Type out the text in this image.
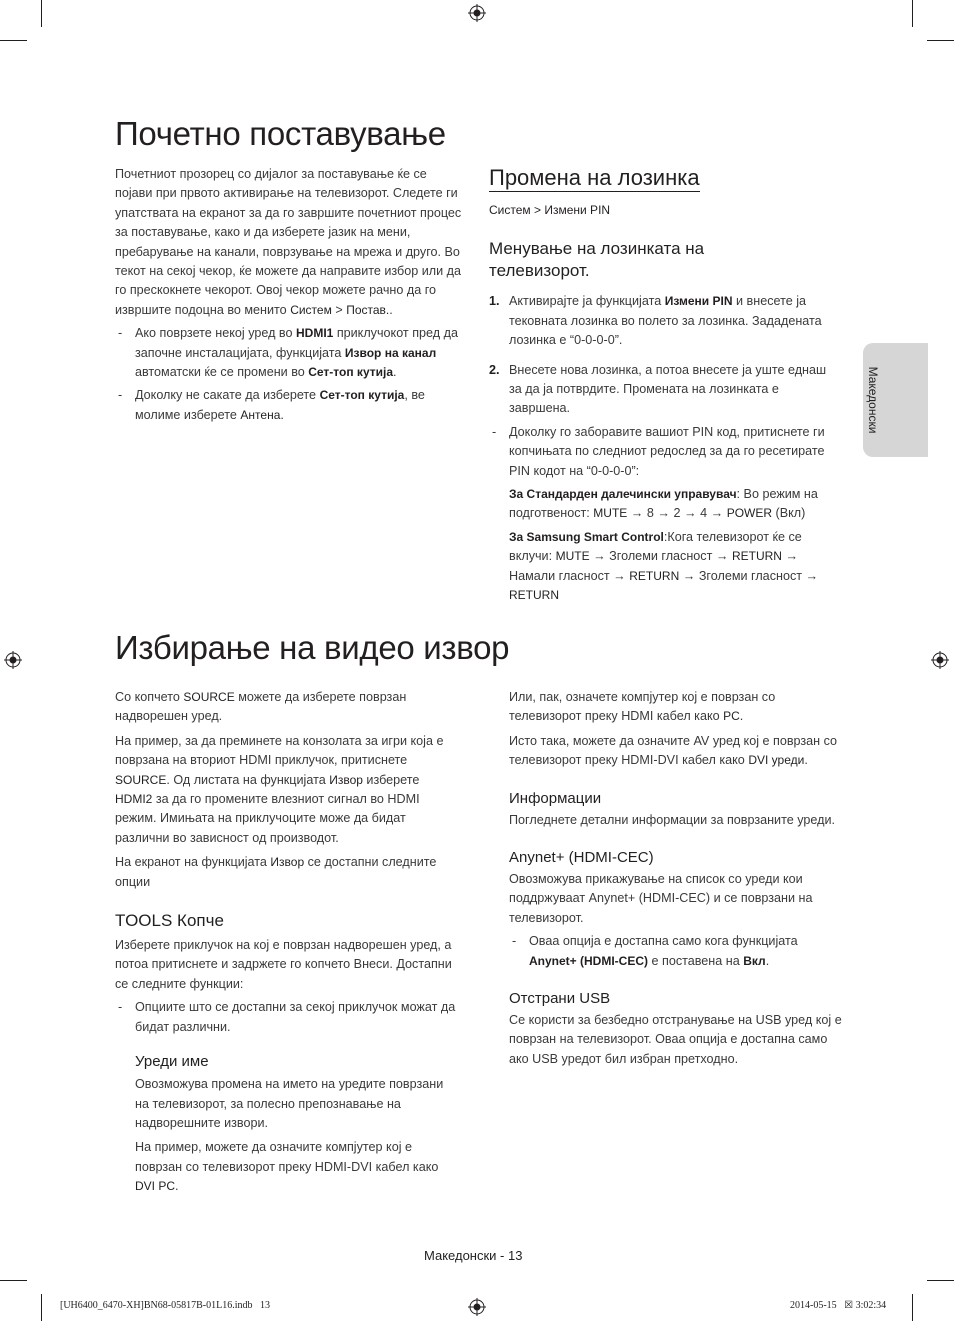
Македонски
Почетно поставување

Почетниот прозорец со дијалог за поставување ќе се појави при првото активирање на телевизорот. Следете ги упатствата на екранот за да го завршите почетниот процес за поставување, како и да изберете јазик на мени, пребарување на канали, поврзување на мрежа и друго. Во текот на секој чекор, ќе можете да направите избор или да го прескокнете чекорот. Овој чекор можете рачно да го извршите подоцна во менито Систем > Постав..

- Ако поврзете некој уред во HDMI1 приклучокот пред да започне инсталацијата, функцијата Извор на канал автоматски ќе се промени во Сет-топ кутија.

- Доколку не сакате да изберете Сет-топ кутија, ве молиме изберете Антена.

Промена на лозинка
Систем > Измени PIN
Менување на лозинката на телевизорот.

1. Активирајте ја функцијата Измени PIN и внесете ја тековната лозинка во полето за лозинка. Зададената лозинка е “0-0-0-0”.

2. Внесете нова лозинка, а потоа внесете ја уште еднаш за да ја потврдите. Промената на лозинката е завршена.

- Доколку го заборавите вашиот PIN код, притиснете ги копчињата по следниот редослед за да го ресетирате PIN кодот на “0-0-0-0”:

За Стандарден далечински управувач: Во режим на подготвеност: MUTE → 8 → 2 → 4 → POWER (Вкл)

За Samsung Smart Control:Кога телевизорот ќе се вклучи: MUTE → Зголеми гласност → RETURN → Намали гласност → RETURN → Зголеми гласност →
RETURN

Избирање на видео извор

Со копчето SOURCE можете да изберете поврзан надворешен уред.

На пример, за да преминете на конзолата за игри која е поврзана на вториот HDMI приклучок, притиснете SOURCE. Од листата на функцијата Извор изберете HDMI2 за да го промените влезниот сигнал во HDMI режим. Имињата на приклучоците може да бидат различни во зависност од производот.

На екранот на функцијата Извор се достапни следните опции

TOOLS Копче

Изберете приклучок на кој е поврзан надворешен уред, а потоа притиснете и задржете го копчето Внеси. Достапни се следните функции:

- Опциите што се достапни за секој приклучок можат да бидат различни.

Уреди име

Овозможува промена на името на уредите поврзани на телевизорот, за полесно препознавање на надворешните извори.

На пример, можете да означите компјутер кој е поврзан со телевизорот преку HDMI-DVI кабел како DVI PC.

Или, пак, означете компјутер кој е поврзан со телевизорот преку HDMI кабел како PC.

Исто така, можете да означите AV уред кој е поврзан со телевизорот преку HDMI-DVI кабел како DVI уреди.

Информации

Погледнете детални информации за поврзаните уреди.

Anynet+ (HDMI-CEC)

Овозможува прикажување на список со уреди кои поддржуваат Anynet+ (HDMI-CEC) и се поврзани на телевизорот.

- Оваа опција е достапна само кога функцијата Anynet+ (HDMI-CEC) е поставена на Вкл.

Отстрани USB

Се користи за безбедно отстранување на USB уред кој е поврзан на телевизорот. Оваа опција е достапна само ако USB уредот бил избран претходно.

Македонски - 13
[UH6400_6470-XH]BN68-05817B-01L16.indb   13	2014-05-15   ☒ 3:02:34
